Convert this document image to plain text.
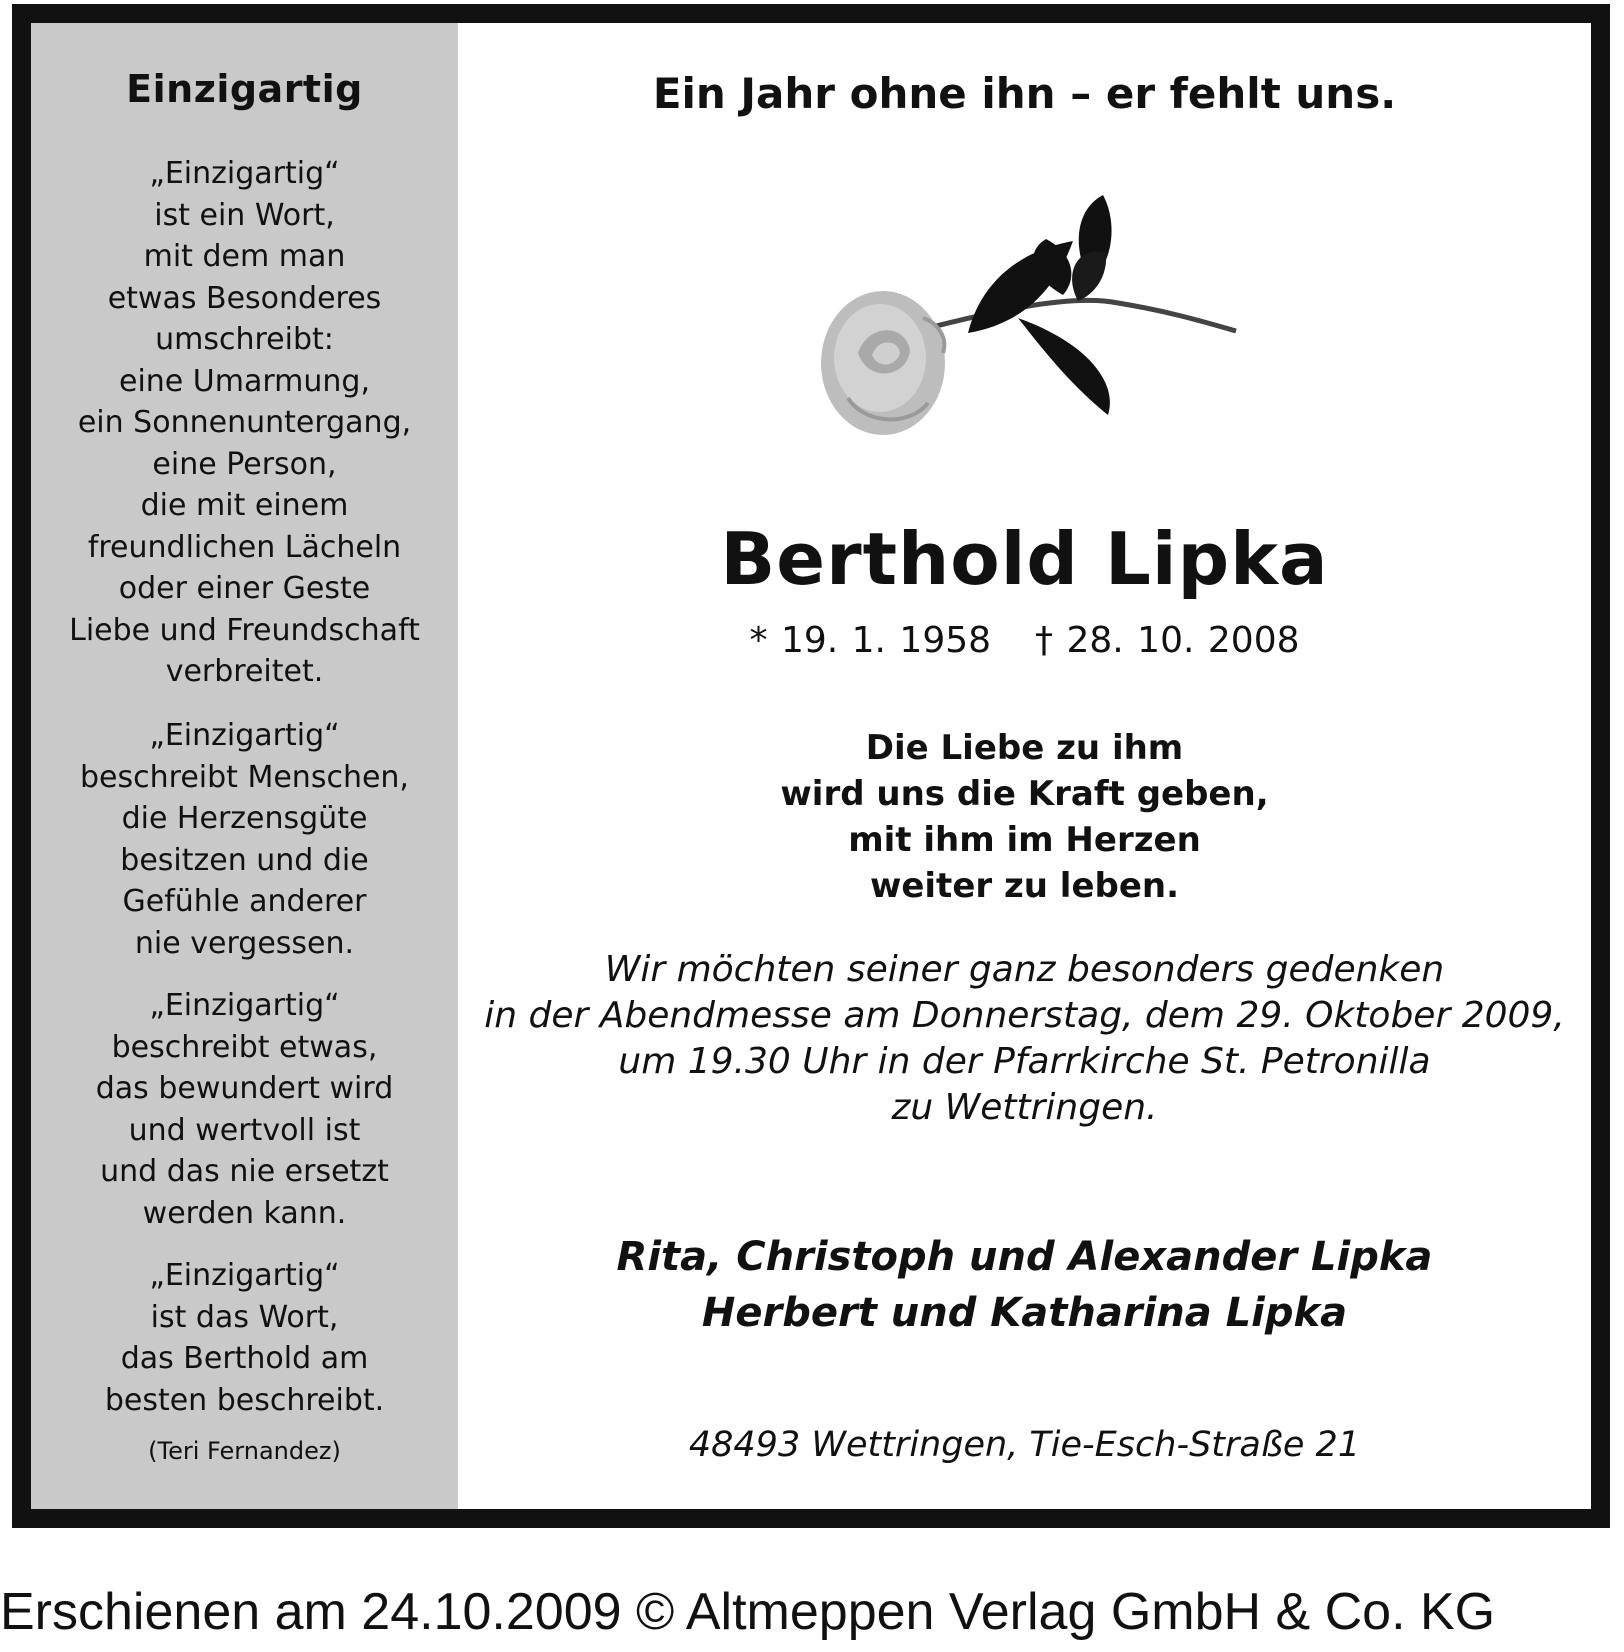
Einzigartig
„Einzigartig“
ist ein Wort,
mit dem man
etwas Besonderes
umschreibt:
eine Umarmung,
ein Sonnenuntergang,
eine Person,
die mit einem
freundlichen Lächeln
oder einer Geste
Liebe und Freundschaft
verbreitet.
„Einzigartig“
beschreibt Menschen,
die Herzensgüte
besitzen und die
Gefühle anderer
nie vergessen.
„Einzigartig“
beschreibt etwas,
das bewundert wird
und wertvoll ist
und das nie ersetzt
werden kann.
„Einzigartig“
ist das Wort,
das Berthold am
besten beschreibt.
(Teri Fernandez)
Ein Jahr ohne ihn – er fehlt uns.
Berthold Lipka
* 19. 1. 1958 † 28. 10. 2008
Die Liebe zu ihm
wird uns die Kraft geben,
mit ihm im Herzen
weiter zu leben.
Wir möchten seiner ganz besonders gedenken
in der Abendmesse am Donnerstag, dem 29. Oktober 2009,
um 19.30 Uhr in der Pfarrkirche St. Petronilla
zu Wettringen.
Rita, Christoph und Alexander Lipka
Herbert und Katharina Lipka
48493 Wettringen, Tie-Esch-Straße 21
Erschienen am 24.10.2009 © Altmeppen Verlag GmbH & Co. KG
